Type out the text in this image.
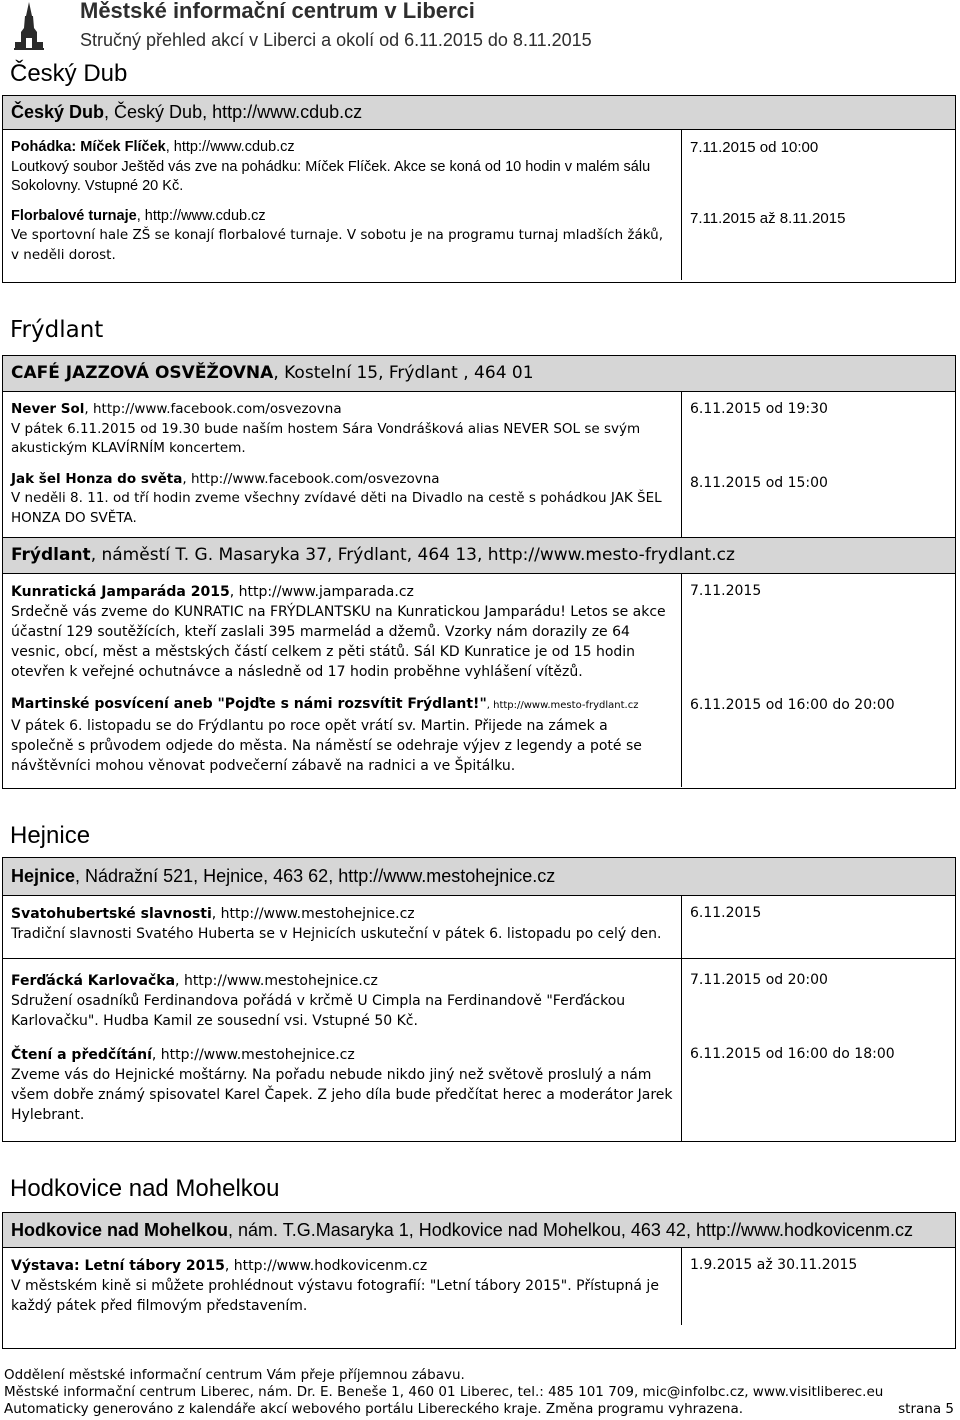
Městské informační centrum v Liberci
Stručný přehled akcí v Liberci a okolí od 6.11.2015 do 8.11.2015
Český Dub
Český Dub, Český Dub, http://www.cdub.cz
Pohádka: Míček Flíček, http://www.cdub.cz
Loutkový soubor Ještěd vás zve na pohádku: Míček Flíček. Akce se koná od 10 hodin v malém sálu Sokolovny. Vstupné 20 Kč.
Florbalové turnaje, http://www.cdub.cz
Ve sportovní hale ZŠ se konají florbalové turnaje. V sobotu je na programu turnaj mladších žáků, v neděli dorost.
7.11.2015 od 10:00
7.11.2015 až 8.11.2015
Frýdlant
CAFÉ JAZZOVÁ OSVĚŽOVNA, Kostelní 15, Frýdlant , 464 01
Never Sol, http://www.facebook.com/osvezovna
V pátek 6.11.2015 od 19.30 bude naším hostem Sára Vondrášková alias NEVER SOL se svým akustickým KLAVÍRNÍM koncertem.
Jak šel Honza do světa, http://www.facebook.com/osvezovna
V neděli 8. 11. od tří hodin zveme všechny zvídavé děti na Divadlo na cestě s pohádkou JAK ŠEL HONZA DO SVĚTA.
6.11.2015 od 19:30
8.11.2015 od 15:00
Frýdlant, náměstí T. G. Masaryka 37, Frýdlant, 464 13, http://www.mesto-frydlant.cz
Kunratická Jamparáda 2015, http://www.jamparada.cz
Srdečně vás zveme do KUNRATIC na FRÝDLANTSKU na Kunratickou Jamparádu! Letos se akce účastní 129 soutěžících, kteří zaslali 395 marmelád a džemů. Vzorky nám dorazily ze 64 vesnic, obcí, měst a městských částí celkem z pěti států. Sál KD Kunratice je od 15 hodin otevřen k veřejné ochutnávce a následně od 17 hodin proběhne vyhlášení vítězů.
Martinské posvícení aneb "Pojďte s námi rozsvítit Frýdlant!", http://www.mesto-frydlant.cz
V pátek 6. listopadu se do Frýdlantu po roce opět vrátí sv. Martin. Přijede na zámek a společně s průvodem odjede do města. Na náměstí se odehraje výjev z legendy a poté se návštěvníci mohou věnovat podvečerní zábavě na radnici a ve Špitálku.
7.11.2015
6.11.2015 od 16:00 do 20:00
Hejnice
Hejnice, Nádražní 521, Hejnice, 463 62, http://www.mestohejnice.cz
Svatohubertské slavnosti, http://www.mestohejnice.cz
Tradiční slavnosti Svatého Huberta se v Hejnicích uskuteční v pátek 6. listopadu po celý den.
6.11.2015
Ferďácká Karlovačka, http://www.mestohejnice.cz
Sdružení osadníků Ferdinandova pořádá v krčmě U Cimpla na Ferdinandově "Ferďáckou Karlovačku". Hudba Kamil ze sousední vsi. Vstupné 50 Kč.
Čtení a předčítání, http://www.mestohejnice.cz
Zveme vás do Hejnické moštárny. Na pořadu nebude nikdo jiný než světově proslulý a nám všem dobře známý spisovatel Karel Čapek. Z jeho díla bude předčítat herec a moderátor Jarek Hylebrant.
7.11.2015 od 20:00
6.11.2015 od 16:00 do 18:00
Hodkovice nad Mohelkou
Hodkovice nad Mohelkou, nám. T.G.Masaryka 1, Hodkovice nad Mohelkou, 463 42, http://www.hodkovicenm.cz
Výstava: Letní tábory 2015, http://www.hodkovicenm.cz
V městském kině si můžete prohlédnout výstavu fotografií: "Letní tábory 2015". Přístupná je každý pátek před filmovým představením.
1.9.2015 až 30.11.2015
Oddělení městské informační centrum Vám přeje příjemnou zábavu.
Městské informační centrum Liberec, nám. Dr. E. Beneše 1, 460 01 Liberec, tel.: 485 101 709, mic@infolbc.cz, www.visitliberec.eu
Automaticky generováno z kalendáře akcí webového portálu Libereckého kraje. Změna programu vyhrazena.	strana 5
